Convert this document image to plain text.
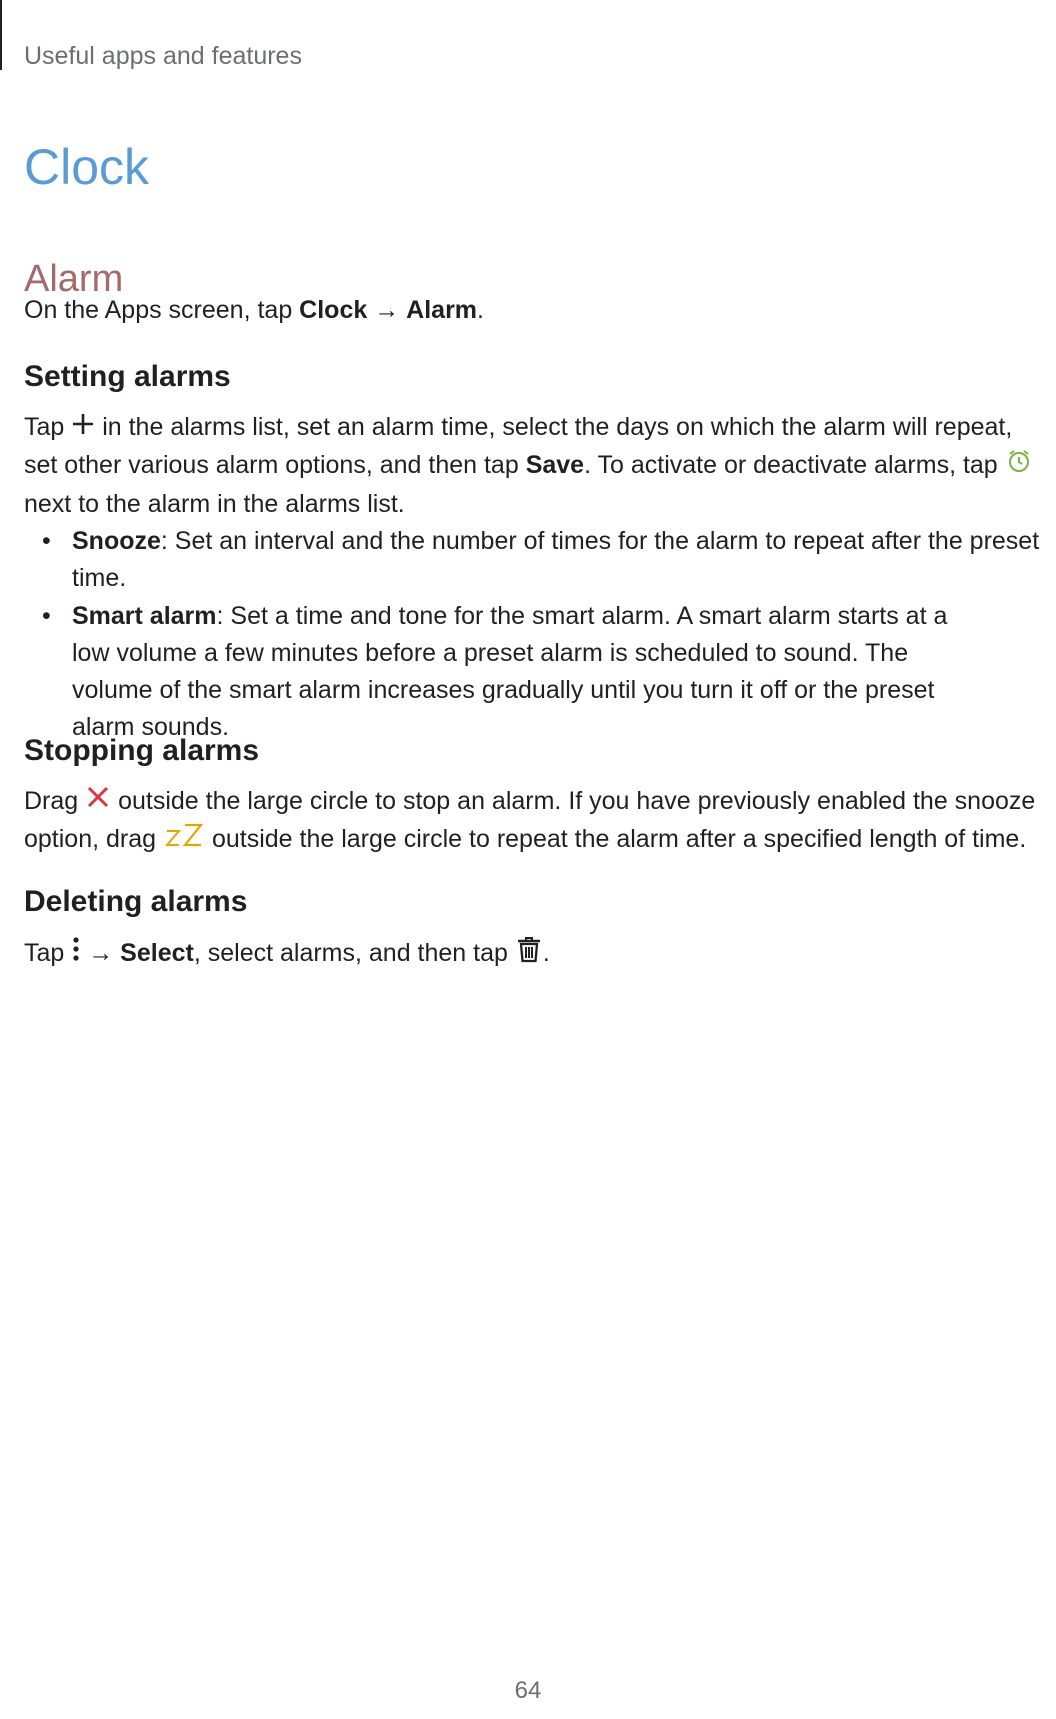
Useful apps and features
Clock
Alarm

On the Apps screen, tap Clock → Alarm.

Setting alarms

Tap  in the alarms list, set an alarm time, select the days on which the alarm will repeat, set other various alarm options, and then tap Save. To activate or deactivate alarms, tap  next to the alarm in the alarms list.

• Snooze: Set an interval and the number of times for the alarm to repeat after the preset time.
• Smart alarm: Set a time and tone for the smart alarm. A smart alarm starts at a low volume a few minutes before a preset alarm is scheduled to sound. The volume of the smart alarm increases gradually until you turn it off or the preset alarm sounds.
Stopping alarms

Drag  outside the large circle to stop an alarm. If you have previously enabled the snooze option, drag  outside the large circle to repeat the alarm after a specified length of time.

Deleting alarms

Tap  → Select, select alarms, and then tap .

64
